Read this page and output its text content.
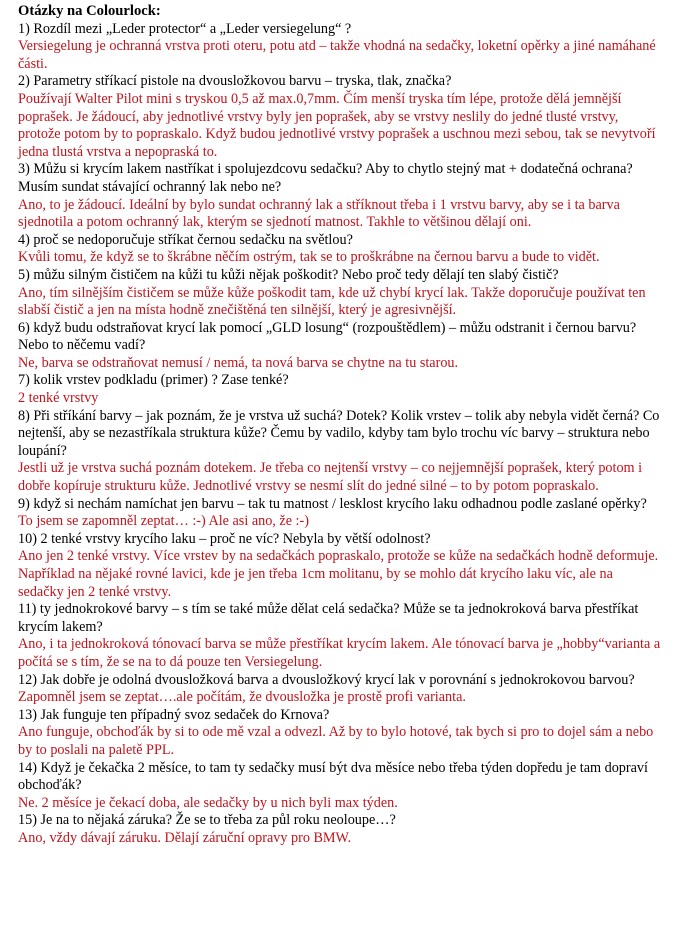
Otázky na Colourlock:

1) Rozdíl mezi „Leder protector“ a „Leder versiegelung“ ?

Versiegelung je ochranná vrstva proti oteru, potu atd – takže vhodná na sedačky, loketní opěrky a jiné namáhané části.

2) Parametry stříkací pistole na dvousložkovou barvu – tryska, tlak, značka?

Používají Walter Pilot mini s tryskou 0,5 až max.0,7mm. Čím menší tryska tím lépe, protože dělá jemnější poprašek. Je žádoucí, aby jednotlivé vrstvy byly jen poprašek, aby se vrstvy neslily do jedné tlusté vrstvy, protože potom by to popraskalo. Když budou jednotlivé vrstvy poprašek a uschnou mezi sebou, tak se nevytvoří jedna tlustá vrstva a nepopraská to.

3) Můžu si krycím lakem nastříkat i spolujezdcovu sedačku? Aby to chytlo stejný mat + dodatečná ochrana? Musím sundat stávající ochranný lak nebo ne?

Ano, to je žádoucí. Ideální by bylo sundat ochranný lak a stříknout třeba i 1 vrstvu barvy, aby se i ta barva sjednotila a potom ochranný lak, kterým se sjednotí matnost. Takhle to většinou dělají oni.

4) proč se nedoporučuje stříkat černou sedačku na světlou?

Kvůli tomu, že když se to škrábne něčím ostrým, tak se to proškrábne na černou barvu a bude to vidět.

5) můžu silným čističem na kůži tu kůži nějak poškodit? Nebo proč tedy dělají ten slabý čistič?

Ano, tím silnějším čističem se může kůže poškodit tam, kde už chybí krycí lak. Takže doporučuje používat ten slabší čistič a jen na místa hodně znečištěná ten silnější, který je agresivnější.

6) když budu odstraňovat krycí lak pomocí „GLD losung“ (rozpouštědlem) – můžu odstranit i černou barvu? Nebo to něčemu vadí?

Ne, barva se odstraňovat nemusí / nemá, ta nová barva se chytne na tu starou.

7) kolik vrstev podkladu (primer) ? Zase tenké?

2 tenké vrstvy

8) Při stříkání barvy – jak poznám, že je vrstva už suchá? Dotek? Kolik vrstev – tolik aby nebyla vidět černá? Co nejtenší, aby se nezastříkala struktura kůže? Čemu by vadilo, kdyby tam bylo trochu víc barvy – struktura nebo loupání?

Jestli už je vrstva suchá poznám dotekem. Je třeba co nejtenší vrstvy – co nejjemnější poprašek, který potom i dobře kopíruje strukturu kůže. Jednotlivé vrstvy se nesmí slít do jedné silné – to by potom popraskalo.

9) když si nechám namíchat jen barvu – tak tu matnost / lesklost krycího laku odhadnou podle zaslané opěrky?

To jsem se zapomněl zeptat… :-) Ale asi ano, že :-)

10) 2 tenké vrstvy krycího laku – proč ne víc? Nebyla by větší odolnost?

Ano jen 2 tenké vrstvy. Více vrstev by na sedačkách popraskalo, protože se kůže na sedačkách hodně deformuje. Například na nějaké rovné lavici, kde je jen třeba 1cm molitanu, by se mohlo dát krycího laku víc, ale na sedačky jen 2 tenké vrstvy.

11) ty jednokrokové barvy – s tím se také může dělat celá sedačka? Může se ta jednokroková barva přestříkat krycím lakem?

Ano, i ta jednokroková tónovací barva se může přestříkat krycím lakem. Ale tónovací barva je „hobby“varianta a počítá se s tím, že se na to dá pouze ten Versiegelung.

12) Jak dobře je odolná dvousložková barva a dvousložkový krycí lak v porovnání s jednokrokovou barvou?

Zapomněl jsem se zeptat….ale počítám, že dvousložka je prostě profi varianta.

13) Jak funguje ten případný svoz sedaček do Krnova?

Ano funguje, obchoďák by si to ode mě vzal a odvezl. Až by to bylo hotové, tak bych si pro to dojel sám a nebo by to poslali na paletě PPL.

14) Když je čekačka 2 měsíce, to tam ty sedačky musí být dva měsíce nebo třeba týden dopředu je tam dopraví obchoďák?

Ne. 2 měsíce je čekací doba, ale sedačky by u nich byli max týden.

15) Je na to nějaká záruka? Že se to třeba za půl roku neoloupe…?

Ano, vždy dávají záruku. Dělají záruční opravy pro BMW.
